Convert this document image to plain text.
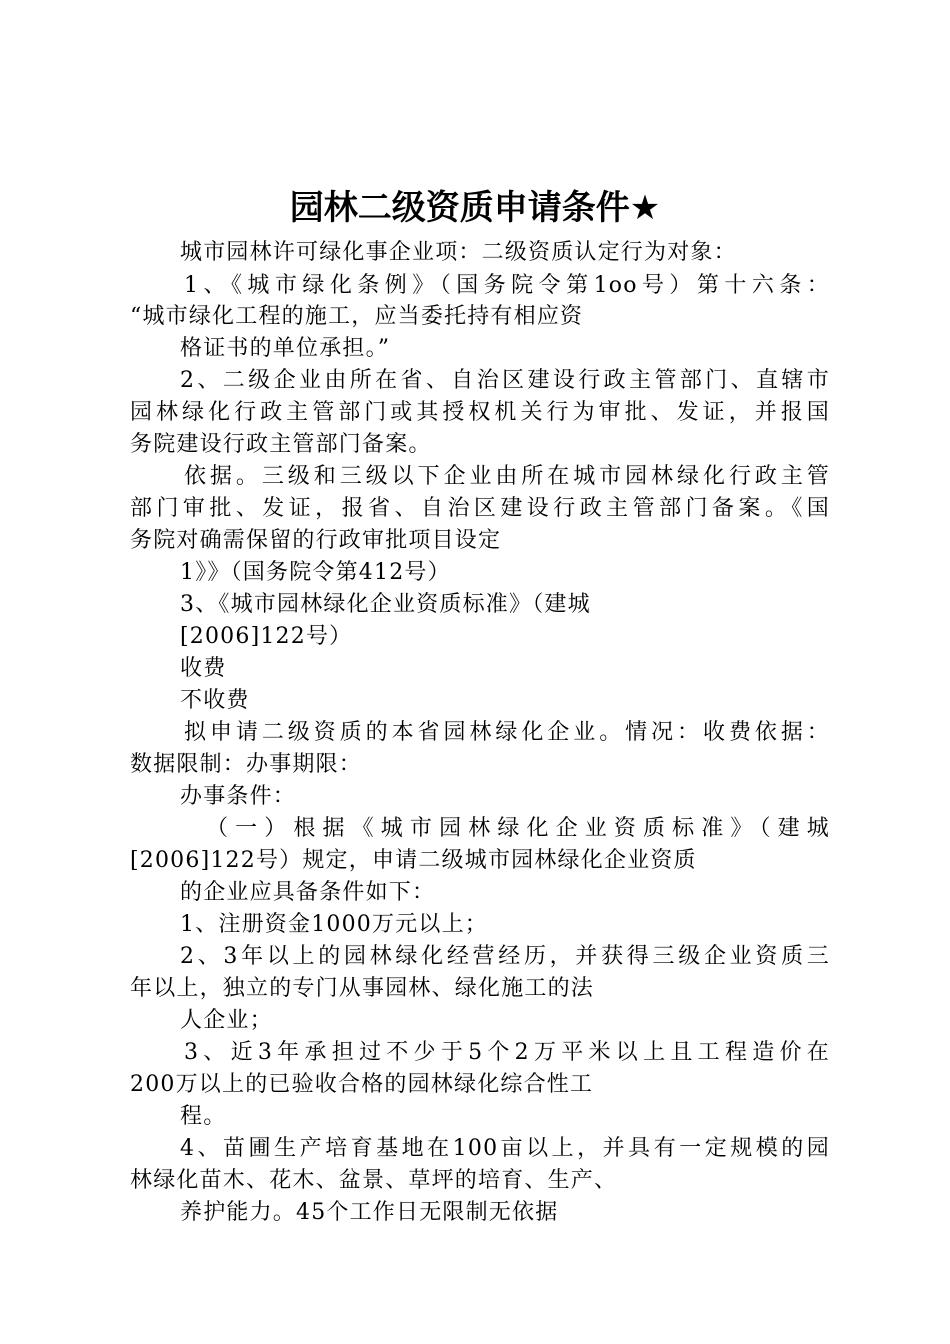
园林二级资质申请条件★
城市园林许可绿化事企业项：二级资质认定行为对象：
1、《城市绿化条例》（国务院令第1oo号）第十六条：
“城市绿化工程的施工，应当委托持有相应资
格证书的单位承担。”
2、二级企业由所在省、自治区建设行政主管部门、直辖市
园林绿化行政主管部门或其授权机关行为审批、发证，并报国
务院建设行政主管部门备案。
依据。三级和三级以下企业由所在城市园林绿化行政主管
部门审批、发证，报省、自治区建设行政主管部门备案。《国
务院对确需保留的行政审批项目设定
1》》（国务院令第412号）
3、《城市园林绿化企业资质标准》（建城
[2006]122号）
收费
不收费
拟申请二级资质的本省园林绿化企业。情况：收费依据：
数据限制：办事期限：
办事条件：
（一）根据《城市园林绿化企业资质标准》（建城
[2006]122号）规定，申请二级城市园林绿化企业资质
的企业应具备条件如下：
1、注册资金1000万元以上；
2、3年以上的园林绿化经营经历，并获得三级企业资质三
年以上，独立的专门从事园林、绿化施工的法
人企业；
3、近3年承担过不少于5个2万平米以上且工程造价在
200万以上的已验收合格的园林绿化综合性工
程。
4、苗圃生产培育基地在100亩以上，并具有一定规模的园
林绿化苗木、花木、盆景、草坪的培育、生产、
养护能力。45个工作日无限制无依据
